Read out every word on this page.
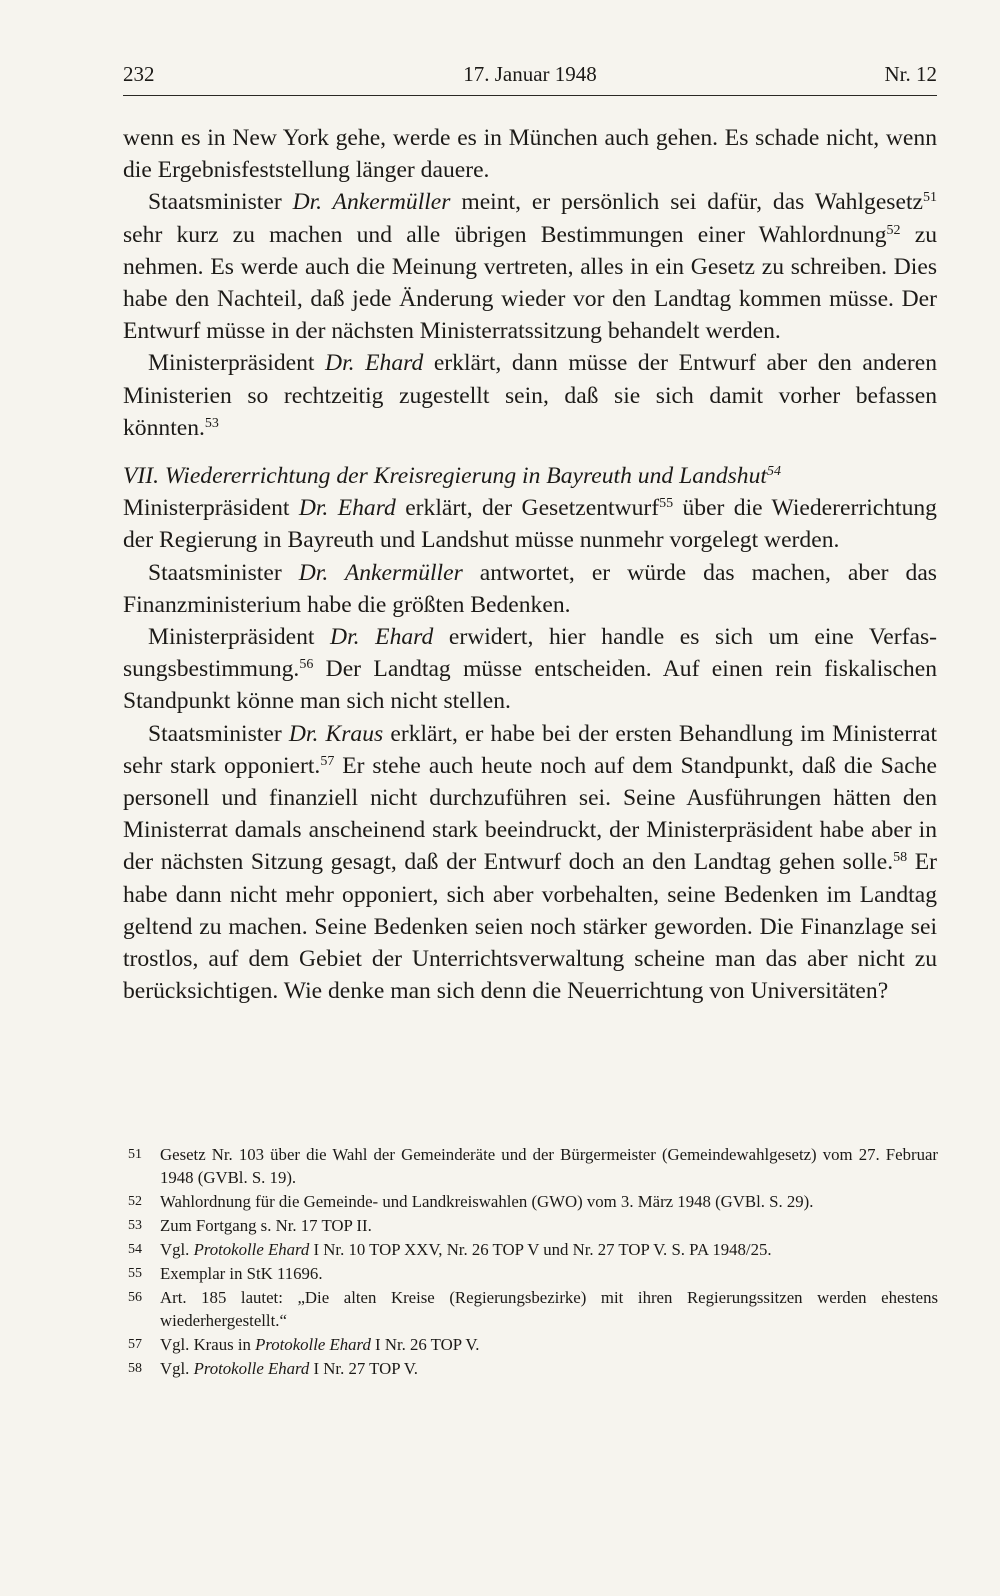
232	17. Januar 1948	Nr. 12

wenn es in New York gehe, werde es in München auch gehen. Es schade nicht, wenn die Ergebnisfeststellung länger dauere.

Staatsminister Dr. Ankermüller meint, er persönlich sei dafür, das Wahlgesetz$^{51}$ sehr kurz zu machen und alle übrigen Bestimmungen einer Wahlordnung$^{52}$ zu nehmen. Es werde auch die Meinung vertreten, alles in ein Gesetz zu schreiben. Dies habe den Nachteil, daß jede Änderung wieder vor den Landtag kommen müsse. Der Entwurf müsse in der nächsten Ministerratssitzung behandelt werden.

Ministerpräsident Dr. Ehard erklärt, dann müsse der Entwurf aber den anderen Ministerien so rechtzeitig zugestellt sein, daß sie sich damit vorher befassen könnten.$^{53}$

VII. Wiedererrichtung der Kreisregierung in Bayreuth und Landshut$^{54}$

Ministerpräsident Dr. Ehard erklärt, der Gesetzentwurf$^{55}$ über die Wiedererrichtung der Regierung in Bayreuth und Landshut müsse nunmehr vorgelegt werden.

Staatsminister Dr. Ankermüller antwortet, er würde das machen, aber das Finanzministerium habe die größten Bedenken.

Ministerpräsident Dr. Ehard erwidert, hier handle es sich um eine Verfassungsbestimmung.$^{56}$ Der Landtag müsse entscheiden. Auf einen rein fiskalischen Standpunkt könne man sich nicht stellen.

Staatsminister Dr. Kraus erklärt, er habe bei der ersten Behandlung im Ministerrat sehr stark opponiert.$^{57}$ Er stehe auch heute noch auf dem Standpunkt, daß die Sache personell und finanziell nicht durchzuführen sei. Seine Ausführungen hätten den Ministerrat damals anscheinend stark beeindruckt, der Ministerpräsident habe aber in der nächsten Sitzung gesagt, daß der Entwurf doch an den Landtag gehen solle.$^{58}$ Er habe dann nicht mehr opponiert, sich aber vorbehalten, seine Bedenken im Landtag geltend zu machen. Seine Bedenken seien noch stärker geworden. Die Finanzlage sei trostlos, auf dem Gebiet der Unterrichtsverwaltung scheine man das aber nicht zu berücksichtigen. Wie denke man sich denn die Neuerrichtung von Universitäten?

51 Gesetz Nr. 103 über die Wahl der Gemeinderäte und der Bürgermeister (Gemeindewahlgesetz) vom 27. Februar 1948 (GVBl. S. 19).
52 Wahlordnung für die Gemeinde- und Landkreiswahlen (GWO) vom 3. März 1948 (GVBl. S. 29).
53 Zum Fortgang s. Nr. 17 TOP II.
54 Vgl. Protokolle Ehard I Nr. 10 TOP XXV, Nr. 26 TOP V und Nr. 27 TOP V. S. PA 1948/25.
55 Exemplar in StK 11696.
56 Art. 185 lautet: „Die alten Kreise (Regierungsbezirke) mit ihren Regierungssitzen werden ehestens wiederhergestellt.“
57 Vgl. Kraus in Protokolle Ehard I Nr. 26 TOP V.
58 Vgl. Protokolle Ehard I Nr. 27 TOP V.
